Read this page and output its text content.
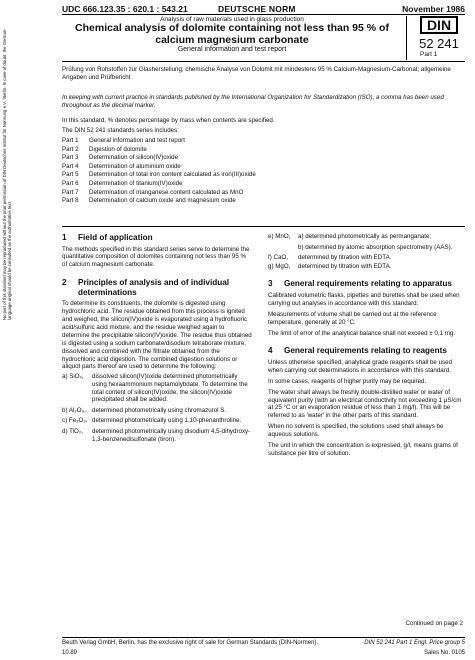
UDC 666.123.35 : 620.1 : 543.21	DEUTSCHE NORM	November 1986
Analysis of raw materials used in glass production
Chemical analysis of dolomite containing not less than 95 % of calcium magnesium carbonate
General information and test report
DIN
52 241
Part 1
No part of this standard may be reproduced without the prior permission of DIN Deutsches Institut für Normung e.V., Berlin. In case of doubt, the German-language original should be consulted as the authoritative text.
Prüfung von Rohstoffen zur Glasherstellung; chemische Analyse von Dolomit mit mindestens 95 % Calcium-Magnesium-Carbonat; allgemeine Angaben und Prüfbericht
In keeping with current practice in standards published by the International Organization for Standardization (ISO), a comma has been used throughout as the decimal marker.
In this standard, % denotes percentage by mass when contents are specified.
The DIN 52 241 standards series includes:
Part 1	General information and test report
Part 2	Digestion of dolomite
Part 3	Determination of silicon(IV)oxide
Part 4	Determination of aluminium oxide
Part 5	Determination of total iron content calculated as iron(III)oxide
Part 6	Determination of titanium(IV)oxide
Part 7	Determination of manganese content calculated as MnO
Part 8	Determination of calcium oxide and magnesium oxide
1	Field of application
The methods specified in this standard series serve to determine the quantitative composition of dolomites containing not less than 95 % of calcium magnesium carbonate.
2	Principles of analysis and of individual determinations
To determine its constituents, the dolomite is digested using hydrochloric acid. The residue obtained from this process is ignited and weighed, the silicon(IV)oxide is evaporated using a hydrofluoric acid/sulfuric acid mixture, and the residue weighed again to determine the precipitable silicon(IV)oxide. The residue thus obtained is digested using a sodium carbonate/disodium tetraborate mixture, dissolved and combined with the filtrate obtained from the hydrochloric acid digestion. The combined digestion solutions or aliquot parts thereof are used to determine the following:
a) SiO₂,	dissolved silicon(IV)oxide determined photometrically using hexaammonium heptamolybdate. To determine the total content of silicon(IV)oxide, the silicon(IV)oxide precipitated shall be added.
b) Al₂O₃,	determined photometrically using chromazurol S.
c) Fe₂O₃,	determined photometrically using 1,10-phenanthroline.
d) TiO₂,	determined photometrically using disodium 4,5-dihydroxy-1,3-benzenedisulfonate (tiron).
e) MnO,	a) determined photometrically as permanganate;
	b) determined by atomic absorption spectrometry (AAS).
f) CaO,	determined by titration with EDTA.
g) MgO,	determined by titration with EDTA.
3	General requirements relating to apparatus
Calibrated volumetric flasks, pipettes and burettes shall be used when carrying out analyses in accordance with this standard.
Measurements of volume shall be carried out at the reference temperature, generally at 20 °C.
The limit of error of the analytical balance shall not exceed ± 0,1 mg.
4	General requirements relating to reagents
Unless otherwise specified, analytical grade reagents shall be used when carrying out determinations in accordance with this standard.
In some cases, reagents of higher purity may be required.
The water shall always be freshly double-distilled water or water of equivalent purity (with an electrical conductivity not exceeding 1 µS/cm at 25 °C or an evaporation residue of less than 1 mg/l). This will be referred to as 'water' in the other parts of this standard.
When no solvent is specified, the solutions used shall always be aqueous solutions.
The unit in which the concentration is expressed, g/l, means grams of substance per litre of solution.
Continued on page 2
Beuth Verlag GmbH, Berlin, has the exclusive right of sale for German Standards (DIN-Normen).	DIN 52 241 Part 1 Engl. Price group 5
10.89	Sales No. 0105
